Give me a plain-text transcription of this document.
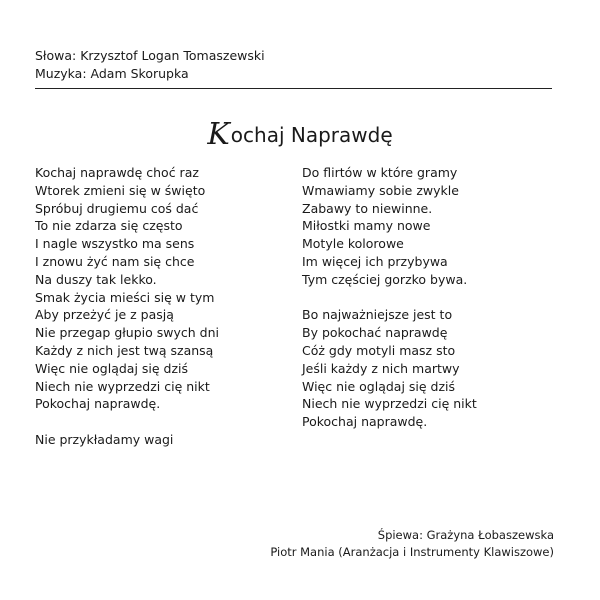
Słowa: Krzysztof Logan Tomaszewski
Muzyka: Adam Skorupka
Kochaj Naprawdę
Kochaj naprawdę choć raz
Wtorek zmieni się w święto
Spróbuj drugiemu coś dać
To nie zdarza się często
I nagle wszystko ma sens
I znowu żyć nam się chce
Na duszy tak lekko.
Smak życia mieści się w tym
Aby przeżyć je z pasją
Nie przegap głupio swych dni
Każdy z nich jest twą szansą
Więc nie oglądaj się dziś
Niech nie wyprzedzi cię nikt
Pokochaj naprawdę.
Nie przykładamy wagi
Do flirtów w które gramy
Wmawiamy sobie zwykle
Zabawy to niewinne.
Miłostki mamy nowe
Motyle kolorowe
Im więcej ich przybywa
Tym częściej gorzko bywa.
Bo najważniejsze jest to
By pokochać naprawdę
Cóż gdy motyli masz sto
Jeśli każdy z nich martwy
Więc nie oglądaj się dziś
Niech nie wyprzedzi cię nikt
Pokochaj naprawdę.
Śpiewa: Grażyna Łobaszewska
Piotr Mania (Aranżacja i Instrumenty Klawiszowe)
